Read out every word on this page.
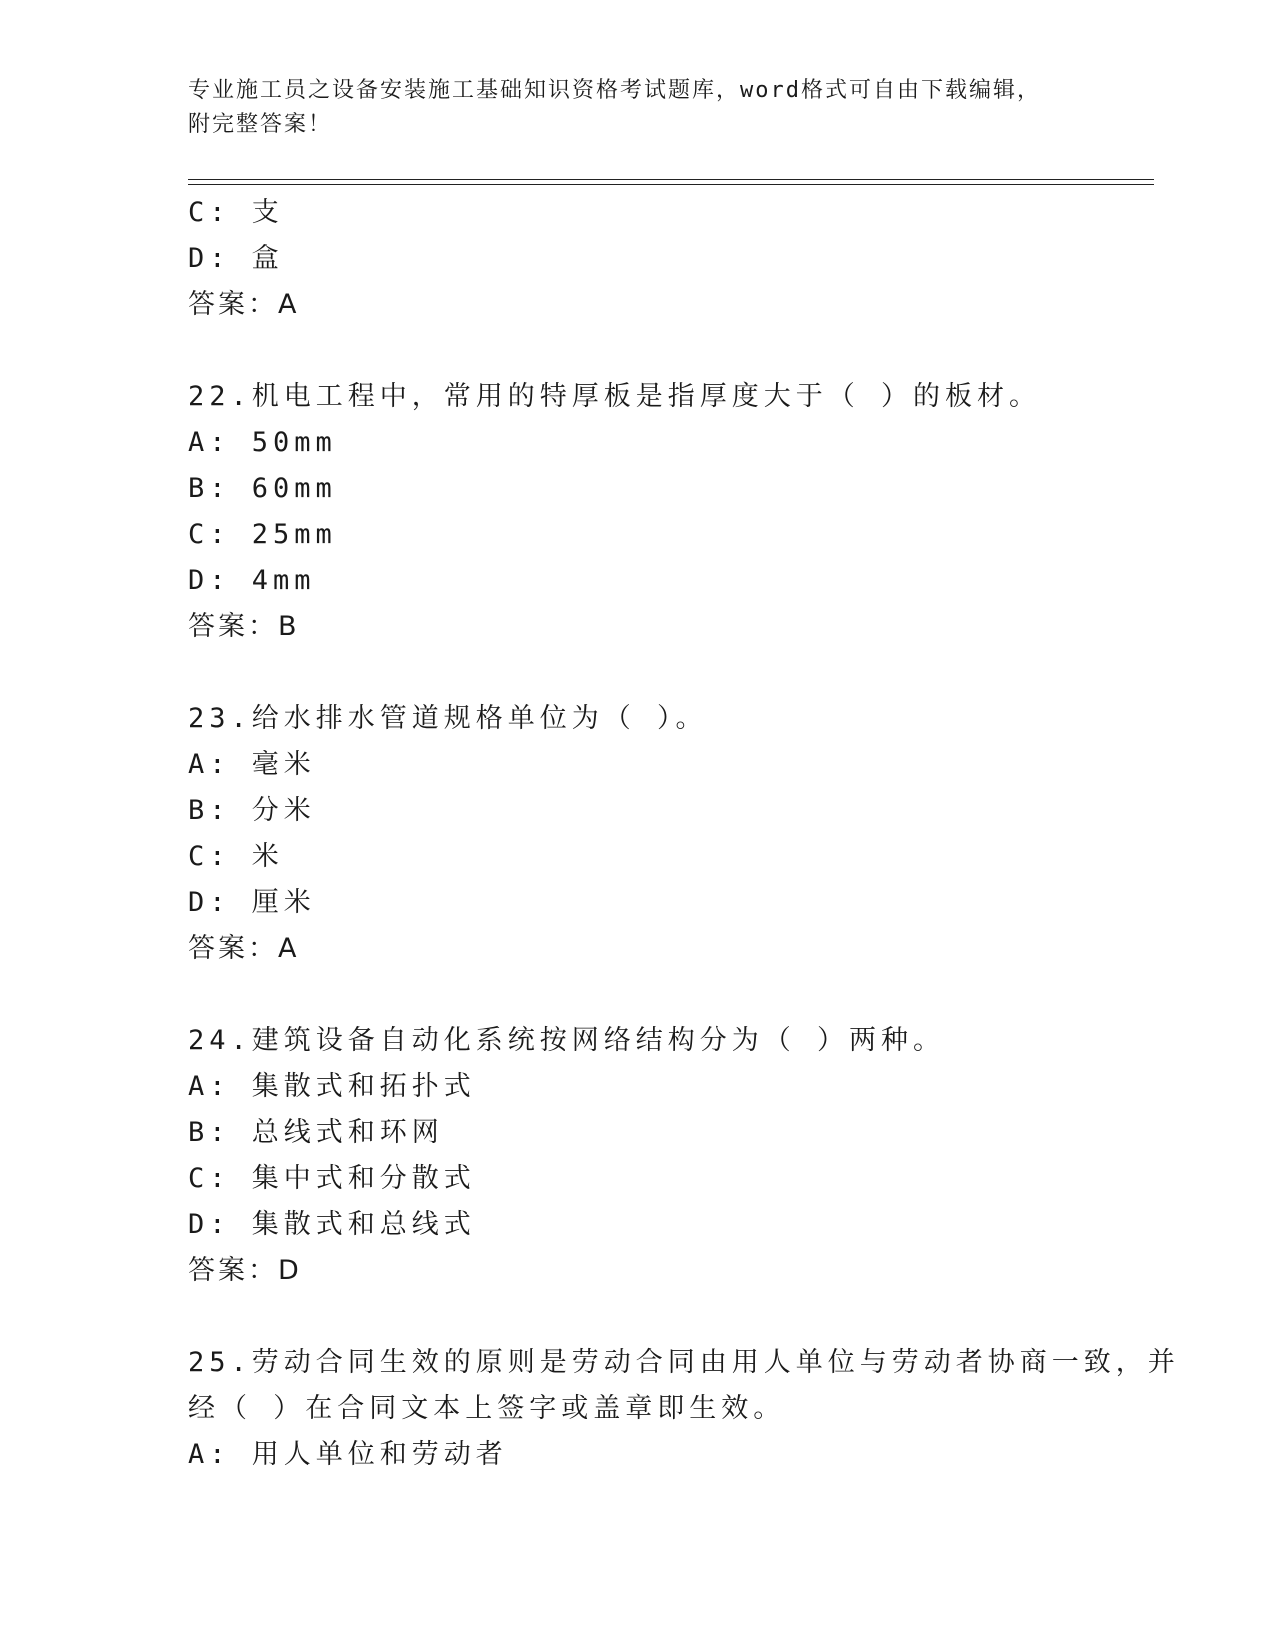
专业施工员之设备安装施工基础知识资格考试题库，word格式可自由下载编辑，
附完整答案！
C: 支
D: 盒
答案：A
22.机电工程中，常用的特厚板是指厚度大于（ ）的板材。
A: 50mm
B: 60mm
C: 25mm
D: 4mm
答案：B
23.给水排水管道规格单位为（ ）。
A: 毫米
B: 分米
C: 米
D: 厘米
答案：A
24.建筑设备自动化系统按网络结构分为（ ）两种。
A: 集散式和拓扑式
B: 总线式和环网
C: 集中式和分散式
D: 集散式和总线式
答案：D
25.劳动合同生效的原则是劳动合同由用人单位与劳动者协商一致，并
经（ ）在合同文本上签字或盖章即生效。
A: 用人单位和劳动者
